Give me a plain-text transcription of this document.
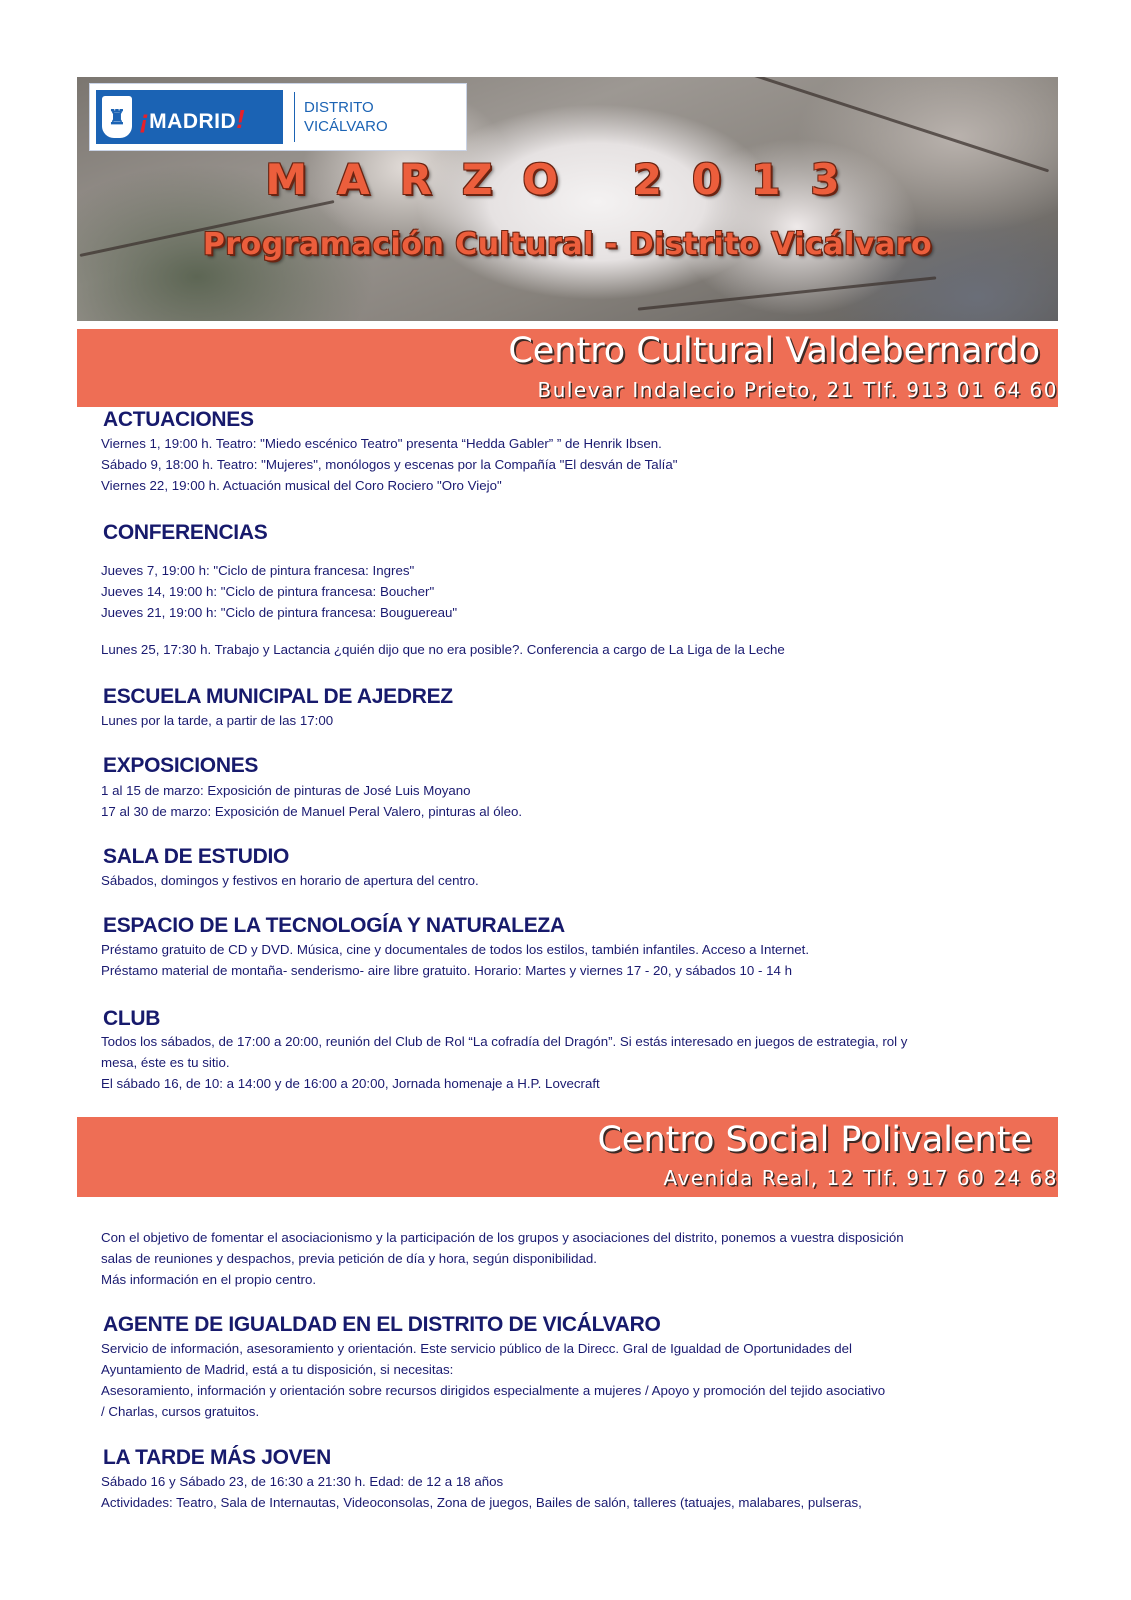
♜ ¡MADRID!	DISTRITO
VICÁLVARO
MARZO 2013
Programación Cultural - Distrito Vicálvaro
Centro Cultural Valdebernardo
Bulevar Indalecio Prieto, 21 Tlf. 913 01 64 60
ACTUACIONES

Viernes 1, 19:00 h. Teatro: "Miedo escénico Teatro" presenta “Hedda Gabler” ” de Henrik Ibsen.

Sábado 9, 18:00 h. Teatro: "Mujeres", monólogos y escenas por la Compañía "El desván de Talía"

Viernes 22, 19:00 h. Actuación musical del Coro Rociero "Oro Viejo"

CONFERENCIAS

Jueves 7, 19:00 h: "Ciclo de pintura francesa: Ingres"

Jueves 14, 19:00 h: "Ciclo de pintura francesa: Boucher"

Jueves 21, 19:00 h: "Ciclo de pintura francesa: Bouguereau"

Lunes 25, 17:30 h. Trabajo y Lactancia ¿quién dijo que no era posible?. Conferencia a cargo de La Liga de la Leche

ESCUELA MUNICIPAL DE AJEDREZ

Lunes por la tarde, a partir de las 17:00

EXPOSICIONES

1 al 15 de marzo: Exposición de pinturas de José Luis Moyano

17 al 30 de marzo: Exposición de Manuel Peral Valero, pinturas al óleo.

SALA DE ESTUDIO

Sábados, domingos y festivos en horario de apertura del centro.

ESPACIO DE LA TECNOLOGÍA Y NATURALEZA

Préstamo gratuito de CD y DVD. Música, cine y documentales de todos los estilos, también infantiles. Acceso a Internet.

Préstamo material de montaña- senderismo- aire libre gratuito. Horario: Martes y viernes 17 - 20, y sábados 10 - 14 h

CLUB

Todos los sábados, de 17:00 a 20:00, reunión del Club de Rol “La cofradía del Dragón”. Si estás interesado en juegos de estrategia, rol y

mesa, éste es tu sitio.

El sábado 16, de 10: a 14:00 y de 16:00 a 20:00, Jornada homenaje a H.P. Lovecraft

Centro Social Polivalente
Avenida Real, 12 Tlf. 917 60 24 68

Con el objetivo de fomentar el asociacionismo y la participación de los grupos y asociaciones del distrito, ponemos a vuestra disposición

salas de reuniones y despachos, previa petición de día y hora, según disponibilidad.

Más información en el propio centro.

AGENTE DE IGUALDAD EN EL DISTRITO DE VICÁLVARO

Servicio de información, asesoramiento y orientación. Este servicio público de la Direcc. Gral de Igualdad de Oportunidades del

Ayuntamiento de Madrid, está a tu disposición, si necesitas:

Asesoramiento, información y orientación sobre recursos dirigidos especialmente a mujeres / Apoyo y promoción del tejido asociativo

/ Charlas, cursos gratuitos.

LA TARDE MÁS JOVEN

Sábado 16 y Sábado 23, de 16:30 a 21:30 h. Edad: de 12 a 18 años

Actividades: Teatro, Sala de Internautas, Videoconsolas, Zona de juegos, Bailes de salón, talleres (tatuajes, malabares, pulseras,
